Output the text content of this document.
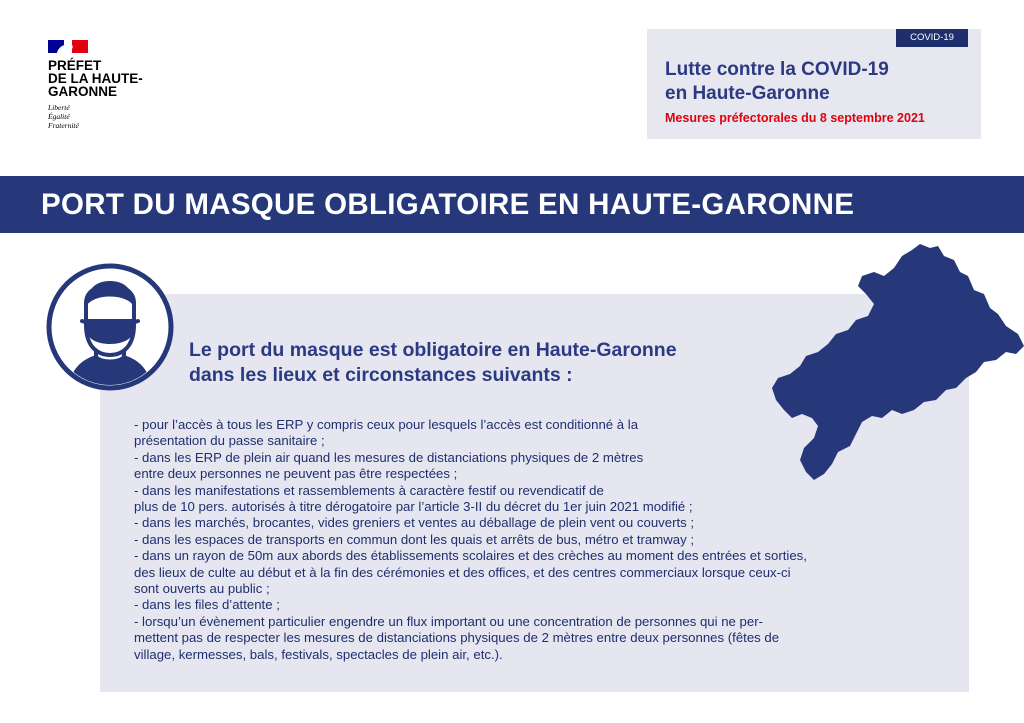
PRÉFET
DE LA HAUTE-
GARONNE
Liberté
Égalité
Fraternité
COVID-19
Lutte contre la COVID-19
en Haute-Garonne
Mesures préfectorales du 8 septembre 2021
PORT DU MASQUE OBLIGATOIRE EN HAUTE-GARONNE
Le port du masque est obligatoire en Haute-Garonne
dans les lieux et circonstances suivants :
- pour l’accès à tous les ERP y compris ceux pour lesquels l’accès est conditionné à la
présentation du passe sanitaire ;
- dans les ERP de plein air quand les mesures de distanciations physiques de 2 mètres
entre deux personnes ne peuvent pas être respectées ;
- dans les manifestations et rassemblements à caractère festif ou revendicatif de
plus de 10 pers. autorisés à titre dérogatoire par l’article 3-II du décret du 1er juin 2021 modifié ;
- dans les marchés, brocantes, vides greniers et ventes au déballage de plein vent ou couverts ;
- dans les espaces de transports en commun dont les quais et arrêts de bus, métro et tramway ;
- dans un rayon de 50m aux abords des établissements scolaires et des crèches au moment des entrées et sorties,
des lieux de culte au début et à la fin des cérémonies et des offices, et des centres commerciaux lorsque ceux-ci
sont ouverts au public ;
- dans les files d’attente ;
- lorsqu’un évènement particulier engendre un flux important ou une concentration de personnes qui ne per-
mettent pas de respecter les mesures de distanciations physiques de 2 mètres entre deux personnes (fêtes de
village, kermesses, bals, festivals, spectacles de plein air, etc.).
